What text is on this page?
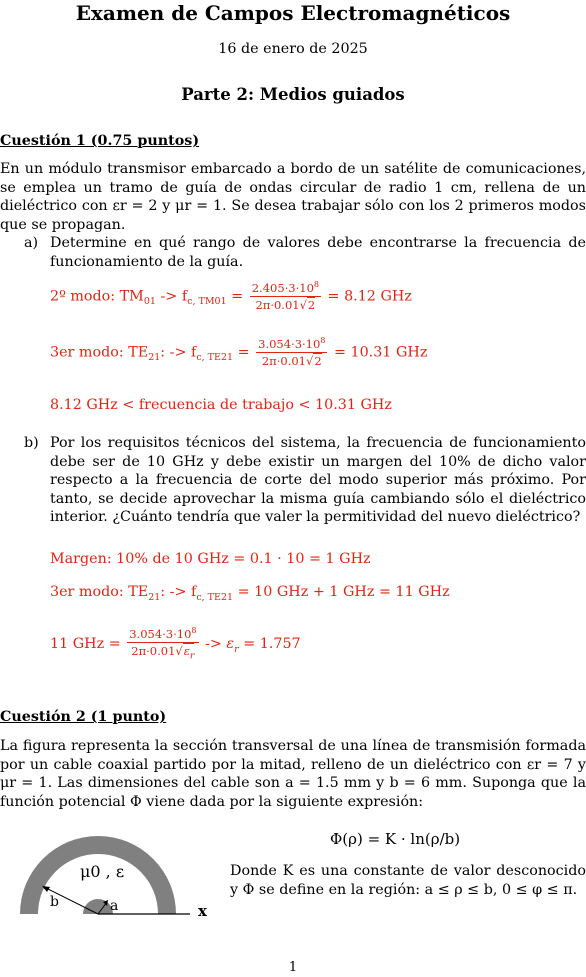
Examen de Campos Electromagnéticos
16 de enero de 2025
Parte 2: Medios guiados
Cuestión 1 (0.75 puntos)

En un módulo transmisor embarcado a bordo de un satélite de comunicaciones, se emplea un tramo de guía de ondas circular de radio 1 cm, rellena de un dieléctrico con εr = 2 y μr = 1. Se desea trabajar sólo con los 2 primeros modos que se propagan.

a) Determine en qué rango de valores debe encontrarse la frecuencia de funcionamiento de la guía.
2º modo: $TM_{01} -> f_{c, TM01} = \frac{2.405\cdot 3\cdot 10^8}{2\pi\cdot 0.01√2} = 8.12$ GHz
3er modo: $TE_{21}$: -> $f_{c, TE21} = \frac{3.054\cdot 3\cdot 10^8}{2\pi\cdot 0.01√2} = 10.31$ GHz
8.12 GHz < frecuencia de trabajo < 10.31 GHz
b) Por los requisitos técnicos del sistema, la frecuencia de funcionamiento debe ser de 10 GHz y debe existir un margen del 10% de dicho valor respecto a la frecuencia de corte del modo superior más próximo. Por tanto, se decide aprovechar la misma guía cambiando sólo el dieléctrico interior. ¿Cuánto tendría que valer la permitividad del nuevo dieléctrico?
Margen: 10% de 10 GHz = 0.1 · 10 = 1 GHz
3er modo: $TE_{21}$: -> $f_{c, TE21} = 10$ GHz + 1 GHz = 11 GHz
11 GHz = $\frac{3.054\cdot 3\cdot 10^8}{2\pi\cdot 0.01√\varepsilon_r} -> \varepsilon_r = 1.757$
Cuestión 2 (1 punto)

La figura representa la sección transversal de una línea de transmisión formada por un cable coaxial partido por la mitad, relleno de un dieléctrico con εr = 7 y μr = 1. Las dimensiones del cable son a = 1.5 mm y b = 6 mm. Suponga que la función potencial Φ viene dada por la siguiente expresión:

Φ(ρ) = K · ln(ρ/b)
Donde K es una constante de valor desconocido y Φ se define en la región: a ≤ ρ ≤ b, 0 ≤ φ ≤ π.
μ0 , ε
b	a	x
1
